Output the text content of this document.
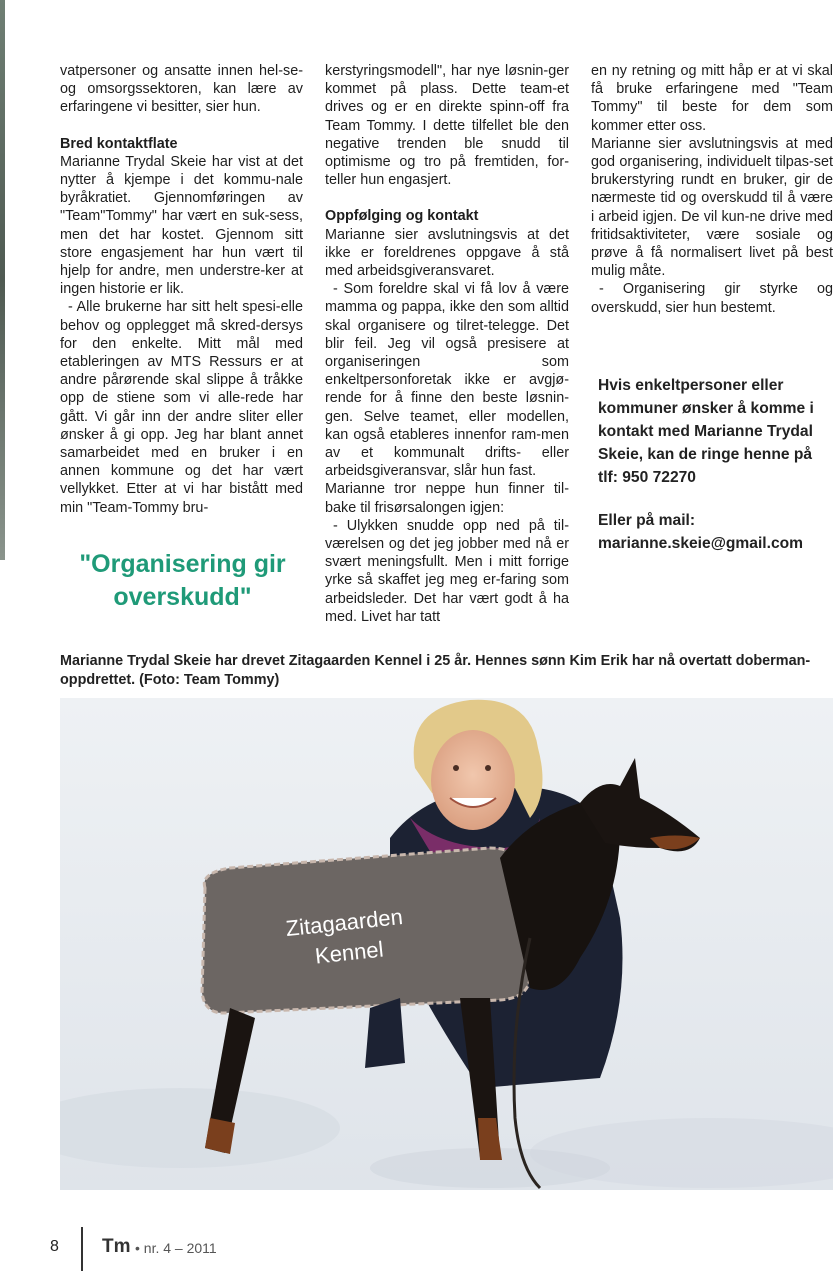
vatpersoner og ansatte innen hel-se- og omsorgssektoren, kan lære av erfaringene vi besitter, sier hun.

Bred kontaktflate

Marianne Trydal Skeie har vist at det nytter å kjempe i det kommu-nale byråkratiet. Gjennomføringen av "Team"Tommy" har vært en suk-sess, men det har kostet. Gjennom sitt store engasjement har hun vært til hjelp for andre, men understre-ker at ingen historie er lik.

- Alle brukerne har sitt helt spesi-elle behov og opplegget må skred-dersys for den enkelte. Mitt mål med etableringen av MTS Ressurs er at andre pårørende skal slippe å tråkke opp de stiene som vi alle-rede har gått. Vi går inn der andre sliter eller ønsker å gi opp. Jeg har blant annet samarbeidet med en bruker i en annen kommune og det har vært vellykket. Etter at vi har bistått med min "Team-Tommy bru-

"Organisering gir overskudd"

kerstyringsmodell", har nye løsnin-ger kommet på plass. Dette team-et drives og er en direkte spinn-off fra Team Tommy. I dette tilfellet ble den negative trenden ble snudd til optimisme og tro på fremtiden, for-teller hun engasjert.

Oppfølging og kontakt

Marianne sier avslutningsvis at det ikke er foreldrenes oppgave å stå med arbeidsgiveransvaret.

- Som foreldre skal vi få lov å være mamma og pappa, ikke den som alltid skal organisere og tilret-telegge. Det blir feil. Jeg vil også presisere at organiseringen som enkeltpersonforetak ikke er avgjø-rende for å finne den beste løsnin-gen. Selve teamet, eller modellen, kan også etableres innenfor ram-men av et kommunalt drifts- eller arbeidsgiveransvar, slår hun fast.

Marianne tror neppe hun finner til-bake til frisørsalongen igjen:

- Ulykken snudde opp ned på til-værelsen og det jeg jobber med nå er svært meningsfullt. Men i mitt forrige yrke så skaffet jeg meg er-faring som arbeidsleder. Det har vært godt å ha med. Livet har tatt

en ny retning og mitt håp er at vi skal få bruke erfaringene med "Team Tommy" til beste for dem som kommer etter oss.

Marianne sier avslutningsvis at med god organisering, individuelt tilpas-set brukerstyring rundt en bruker, gir de nærmeste tid og overskudd til å være i arbeid igjen. De vil kun-ne drive med fritidsaktiviteter, være sosiale og prøve å få normalisert livet på best mulig måte.

- Organisering gir styrke og overskudd, sier hun bestemt.

Hvis enkeltpersoner eller kommuner ønsker å komme i kontakt med Marianne Trydal Skeie, kan de ringe henne på

tlf: 950 72270

Eller på mail:

marianne.skeie@gmail.com

Marianne Trydal Skeie har drevet Zitagaarden Kennel i 25 år. Hennes sønn Kim Erik har nå overtatt doberman-oppdrettet. (Foto: Team Tommy)
Zitagaarden
Kennel
8 Tm • nr. 4 – 2011
